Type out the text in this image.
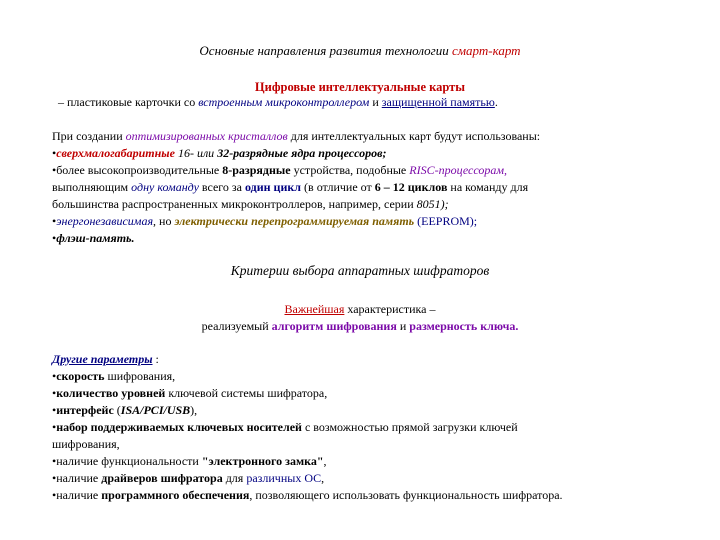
Основные направления развития технологии смарт-карт
Цифровые интеллектуальные карты
– пластиковые карточки со встроенным микроконтроллером и защищенной памятью.
При создании оптимизированных кристаллов для интеллектуальных карт будут использованы:
•сверхмалогабаритные 16- или 32-разрядные ядра процессоров;
•более высокопроизводительные 8-разрядные устройства, подобные RISC-процессорам,
выполняющим одну команду всего за один цикл (в отличие от 6 – 12 циклов на команду для
большинства распространенных микроконтроллеров, например, серии 8051);
•энергонезависимая, но электрически перепрограммируемая память (EEPROM);
•флэш-память.
Критерии выбора аппаратных шифраторов
Важнейшая характеристика –
реализуемый алгоритм шифрования и размерность ключа.
Другие параметры :
•скорость шифрования,
•количество уровней ключевой системы шифратора,
•интерфейс (ISA/PCI/USB),
•набор поддерживаемых ключевых носителей с возможностью прямой загрузки ключей
шифрования,
•наличие функциональности "электронного замка",
•наличие драйверов шифратора для различных ОС,
•наличие программного обеспечения, позволяющего использовать функциональность шифратора.
